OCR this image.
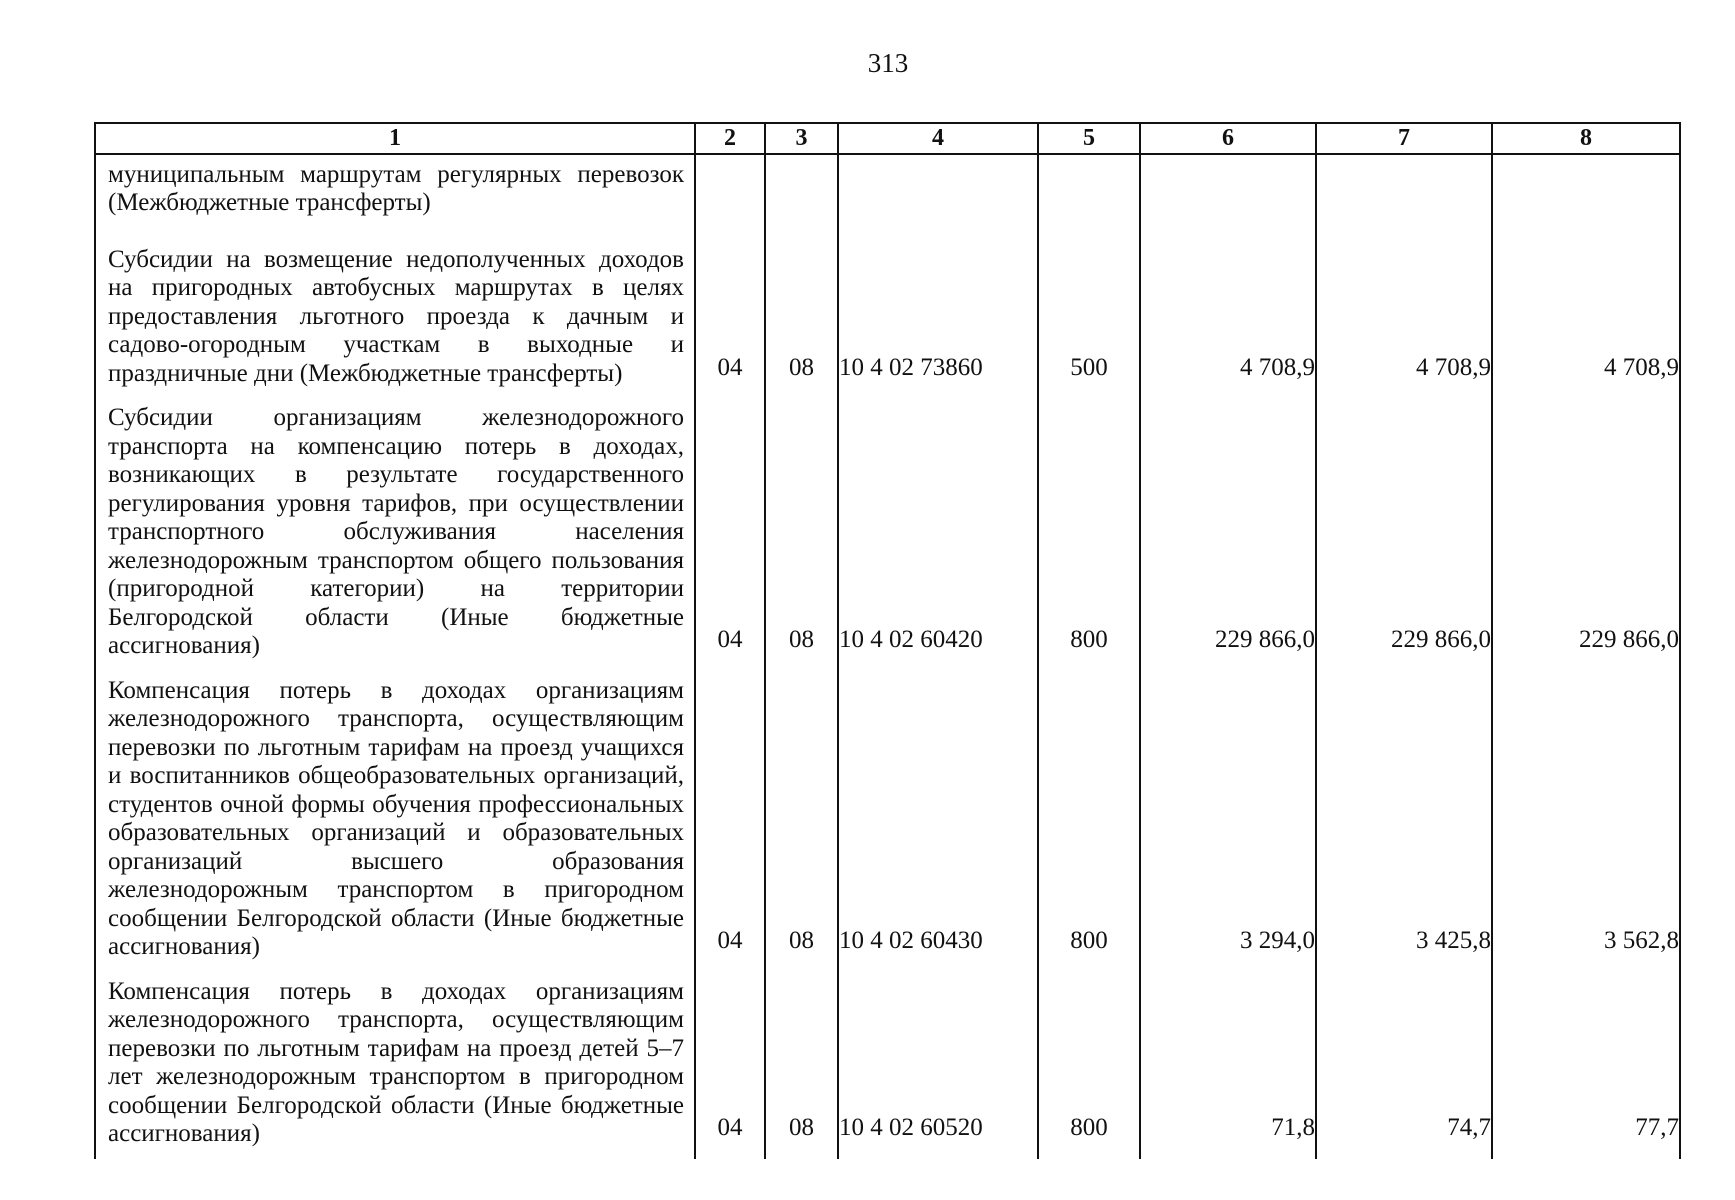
313
1	2	3	4	5	6	7	8
муниципальным маршрутам регулярных перевозок (Межбюджетные трансферты)							
Субсидии на возмещение недополученных доходов на пригородных автобусных маршрутах в целях предоставления льготного проезда к дачным и садово-огородным участкам в выходные и праздничные дни (Межбюджетные трансферты)	04	08	10 4 02 73860	500	4 708,9	4 708,9	4 708,9
Субсидии организациям железнодорожного транспорта на компенсацию потерь в доходах, возникающих в результате государственного регулирования уровня тарифов, при осуществлении транспортного обслуживания населения железнодорожным транспортом общего пользования (пригородной категории) на территории Белгородской области (Иные бюджетные ассигнования)	04	08	10 4 02 60420	800	229 866,0	229 866,0	229 866,0
Компенсация потерь в доходах организациям железнодорожного транспорта, осуществляющим перевозки по льготным тарифам на проезд учащихся и воспитанников общеобразовательных организаций, студентов очной формы обучения профессиональных образовательных организаций и образовательных организаций высшего образования железнодорожным транспортом в пригородном сообщении Белгородской области (Иные бюджетные ассигнования)	04	08	10 4 02 60430	800	3 294,0	3 425,8	3 562,8
Компенсация потерь в доходах организациям железнодорожного транспорта, осуществляющим перевозки по льготным тарифам на проезд детей 5–7 лет железнодорожным транспортом в пригородном сообщении Белгородской области (Иные бюджетные ассигнования)	04	08	10 4 02 60520	800	71,8	74,7	77,7
